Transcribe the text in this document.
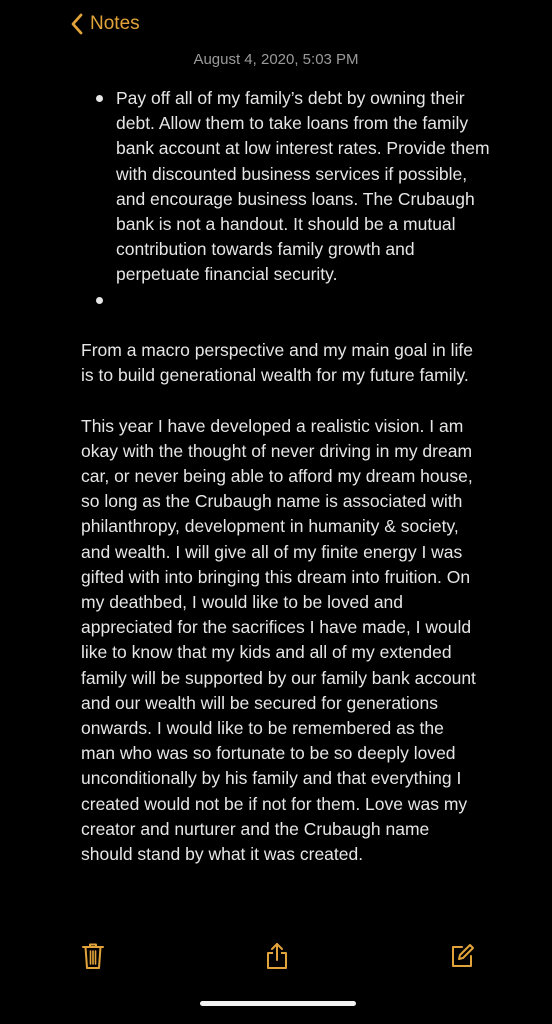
Notes
August 4, 2020, 5:03 PM
Pay off all of my family’s debt by owning their debt. Allow them to take loans from the family bank account at low interest rates. Provide them with discounted business services if possible, and encourage business loans. The Crubaugh bank is not a handout. It should be a mutual contribution towards family growth and perpetuate financial security.

From a macro perspective and my main goal in life is to build generational wealth for my future family.

This year I have developed a realistic vision. I am okay with the thought of never driving in my dream car, or never being able to afford my dream house, so long as the Crubaugh name is associated with philanthropy, development in humanity & society, and wealth. I will give all of my finite energy I was gifted with into bringing this dream into fruition. On my deathbed, I would like to be loved and appreciated for the sacrifices I have made, I would like to know that my kids and all of my extended family will be supported by our family bank account and our wealth will be secured for generations onwards. I would like to be remembered as the man who was so fortunate to be so deeply loved unconditionally by his family and that everything I created would not be if not for them. Love was my creator and nurturer and the Crubaugh name should stand by what it was created.
